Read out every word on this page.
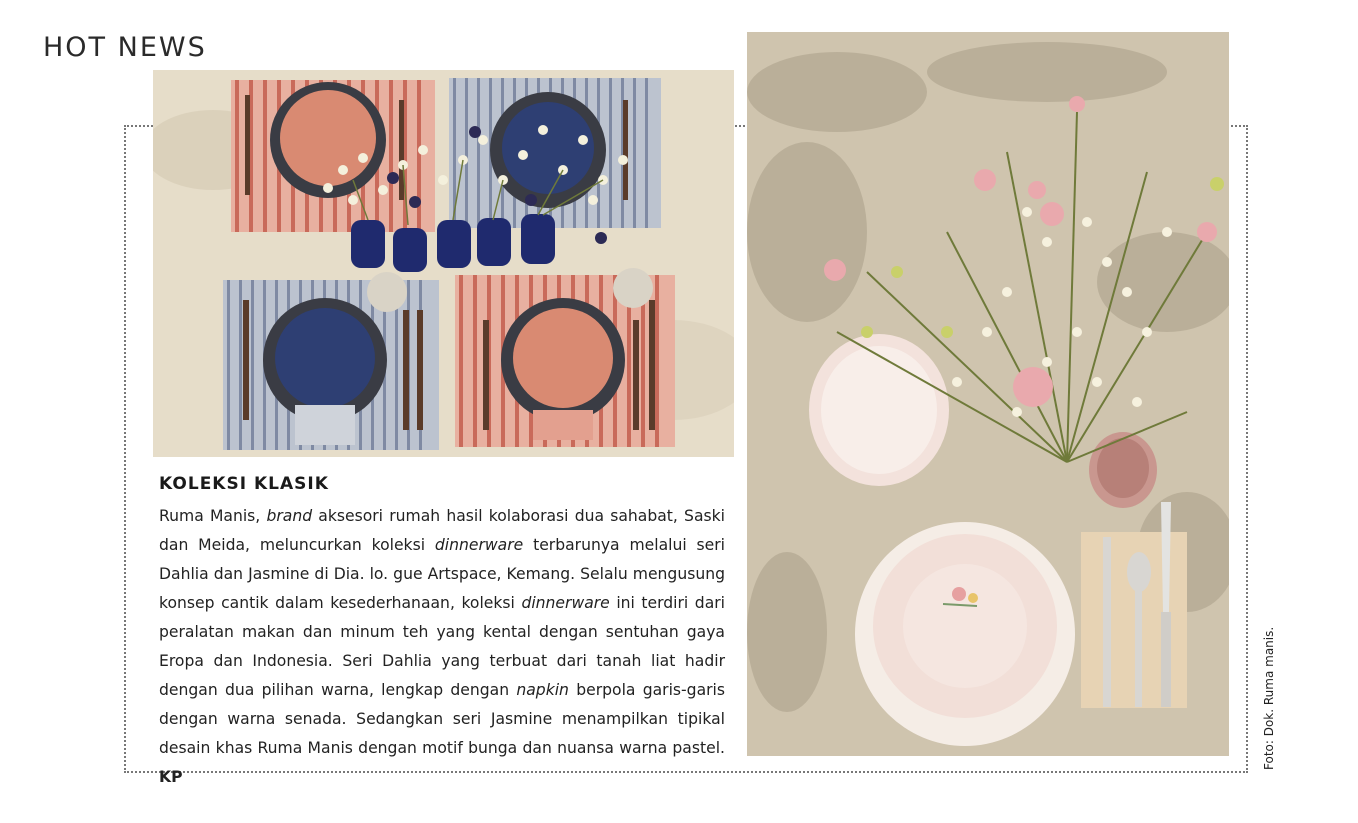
HOT NEWS
KOLEKSI KLASIK

Ruma Manis, brand aksesori rumah hasil kolaborasi dua sahabat, Saski dan Meida, meluncurkan koleksi dinnerware terbarunya melalui seri Dahlia dan Jasmine di Dia. lo. gue Artspace, Kemang. Selalu mengusung konsep cantik dalam kesederhanaan, koleksi dinnerware ini terdiri dari peralatan makan dan minum teh yang kental dengan sentuhan gaya Eropa dan Indonesia. Seri Dahlia yang terbuat dari tanah liat hadir dengan dua pilihan warna, lengkap dengan napkin berpola garis-garis dengan warna senada. Sedangkan seri Jasmine menampilkan tipikal desain khas Ruma Manis dengan motif bunga dan nuansa warna pastel. KP

Foto: Dok. Ruma manis.
